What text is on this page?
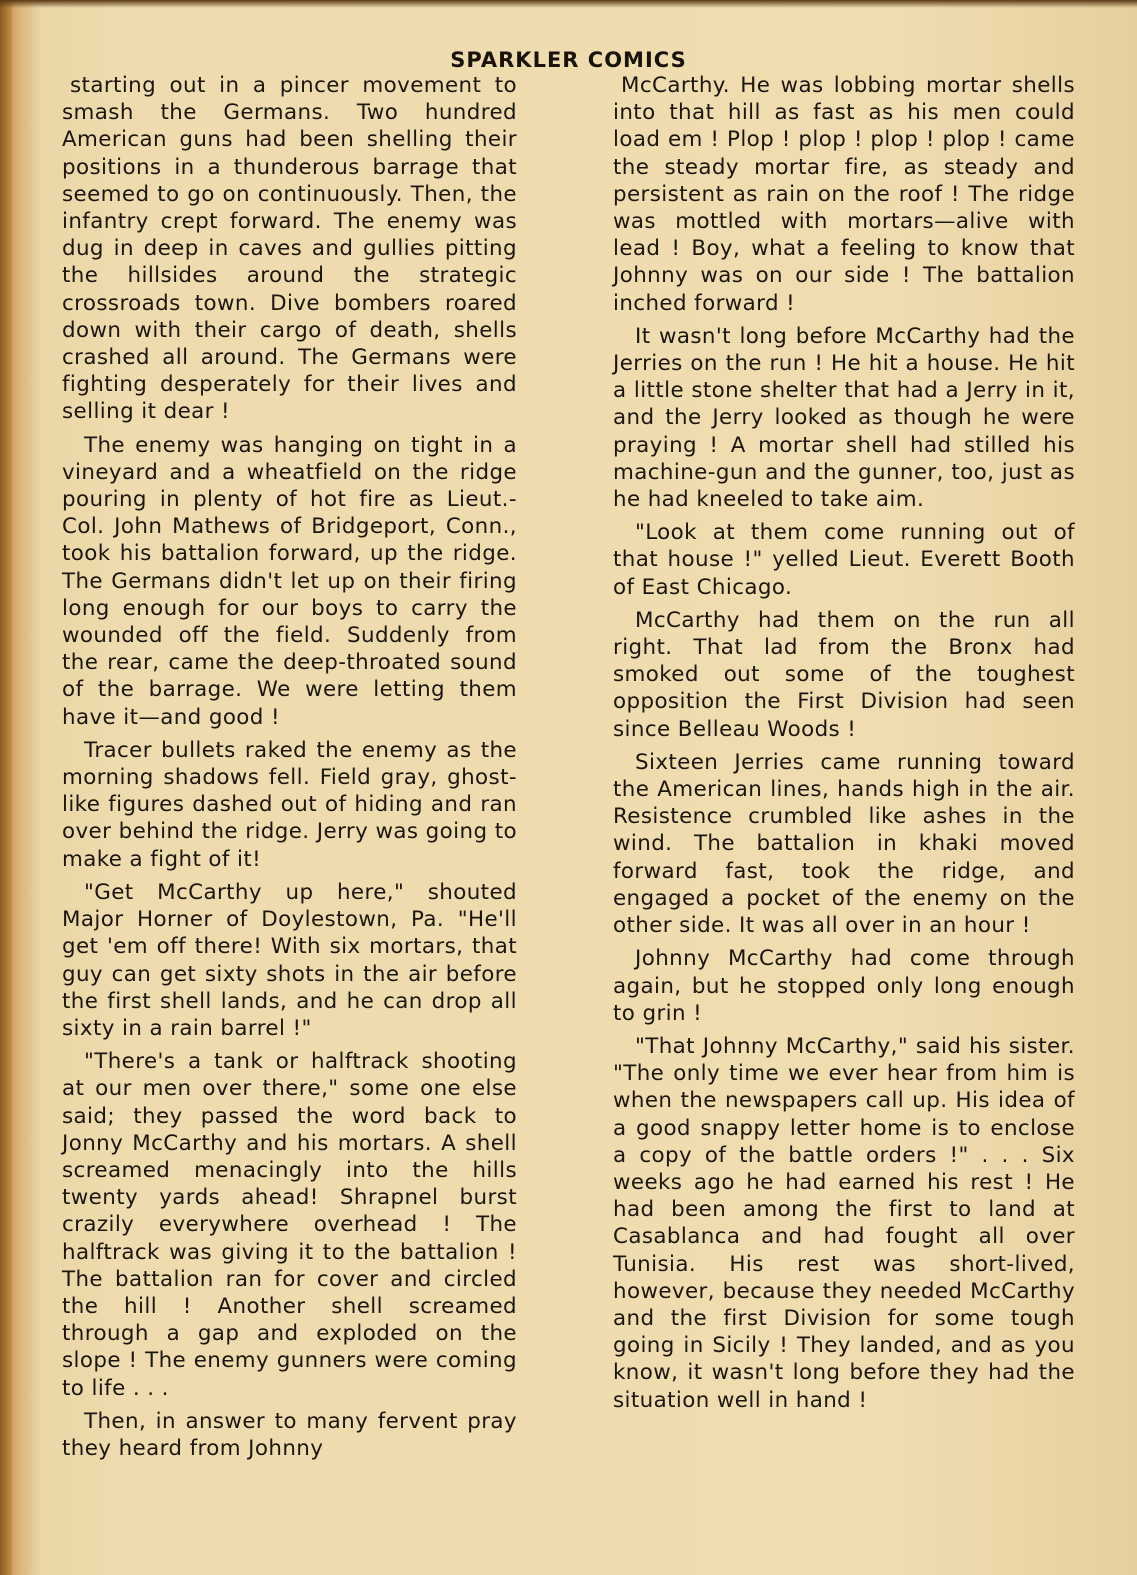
SPARKLER COMICS

starting out in a pincer movement to smash the Germans. Two hundred American guns had been shelling their positions in a thunderous barrage that seemed to go on continuously. Then, the infantry crept forward. The enemy was dug in deep in caves and gullies pitting the hillsides around the strategic crossroads town. Dive bombers roared down with their cargo of death, shells crashed all around. The Germans were fighting desperately for their lives and selling it dear !

The enemy was hanging on tight in a vineyard and a wheatfield on the ridge pouring in plenty of hot fire as Lieut.-Col. John Mathews of Bridgeport, Conn., took his battalion forward, up the ridge. The Germans didn't let up on their firing long enough for our boys to carry the wounded off the field. Suddenly from the rear, came the deep-throated sound of the barrage. We were letting them have it—and good !

Tracer bullets raked the enemy as the morning shadows fell. Field gray, ghost-like figures dashed out of hiding and ran over behind the ridge. Jerry was going to make a fight of it!

"Get McCarthy up here," shouted Major Horner of Doylestown, Pa. "He'll get 'em off there! With six mortars, that guy can get sixty shots in the air before the first shell lands, and he can drop all sixty in a rain barrel !"

"There's a tank or halftrack shooting at our men over there," some one else said; they passed the word back to Jonny McCarthy and his mortars. A shell screamed menacingly into the hills twenty yards ahead! Shrapnel burst crazily everywhere overhead ! The halftrack was giving it to the battalion ! The battalion ran for cover and circled the hill ! Another shell screamed through a gap and exploded on the slope ! The enemy gunners were coming to life . . .

Then, in answer to many fervent pray they heard from Johnny

McCarthy. He was lobbing mortar shells into that hill as fast as his men could load em ! Plop ! plop ! plop ! plop ! came the steady mortar fire, as steady and persistent as rain on the roof ! The ridge was mottled with mortars—alive with lead ! Boy, what a feeling to know that Johnny was on our side ! The battalion inched forward !

It wasn't long before McCarthy had the Jerries on the run ! He hit a house. He hit a little stone shelter that had a Jerry in it, and the Jerry looked as though he were praying ! A mortar shell had stilled his machine-gun and the gunner, too, just as he had kneeled to take aim.

"Look at them come running out of that house !" yelled Lieut. Everett Booth of East Chicago.

McCarthy had them on the run all right. That lad from the Bronx had smoked out some of the toughest opposition the First Division had seen since Belleau Woods !

Sixteen Jerries came running toward the American lines, hands high in the air. Resistence crumbled like ashes in the wind. The battalion in khaki moved forward fast, took the ridge, and engaged a pocket of the enemy on the other side. It was all over in an hour !

Johnny McCarthy had come through again, but he stopped only long enough to grin !

"That Johnny McCarthy," said his sister. "The only time we ever hear from him is when the newspapers call up. His idea of a good snappy letter home is to enclose a copy of the battle orders !" . . . Six weeks ago he had earned his rest ! He had been among the first to land at Casablanca and had fought all over Tunisia. His rest was short-lived, however, because they needed McCarthy and the first Division for some tough going in Sicily ! They landed, and as you know, it wasn't long before they had the situation well in hand !
